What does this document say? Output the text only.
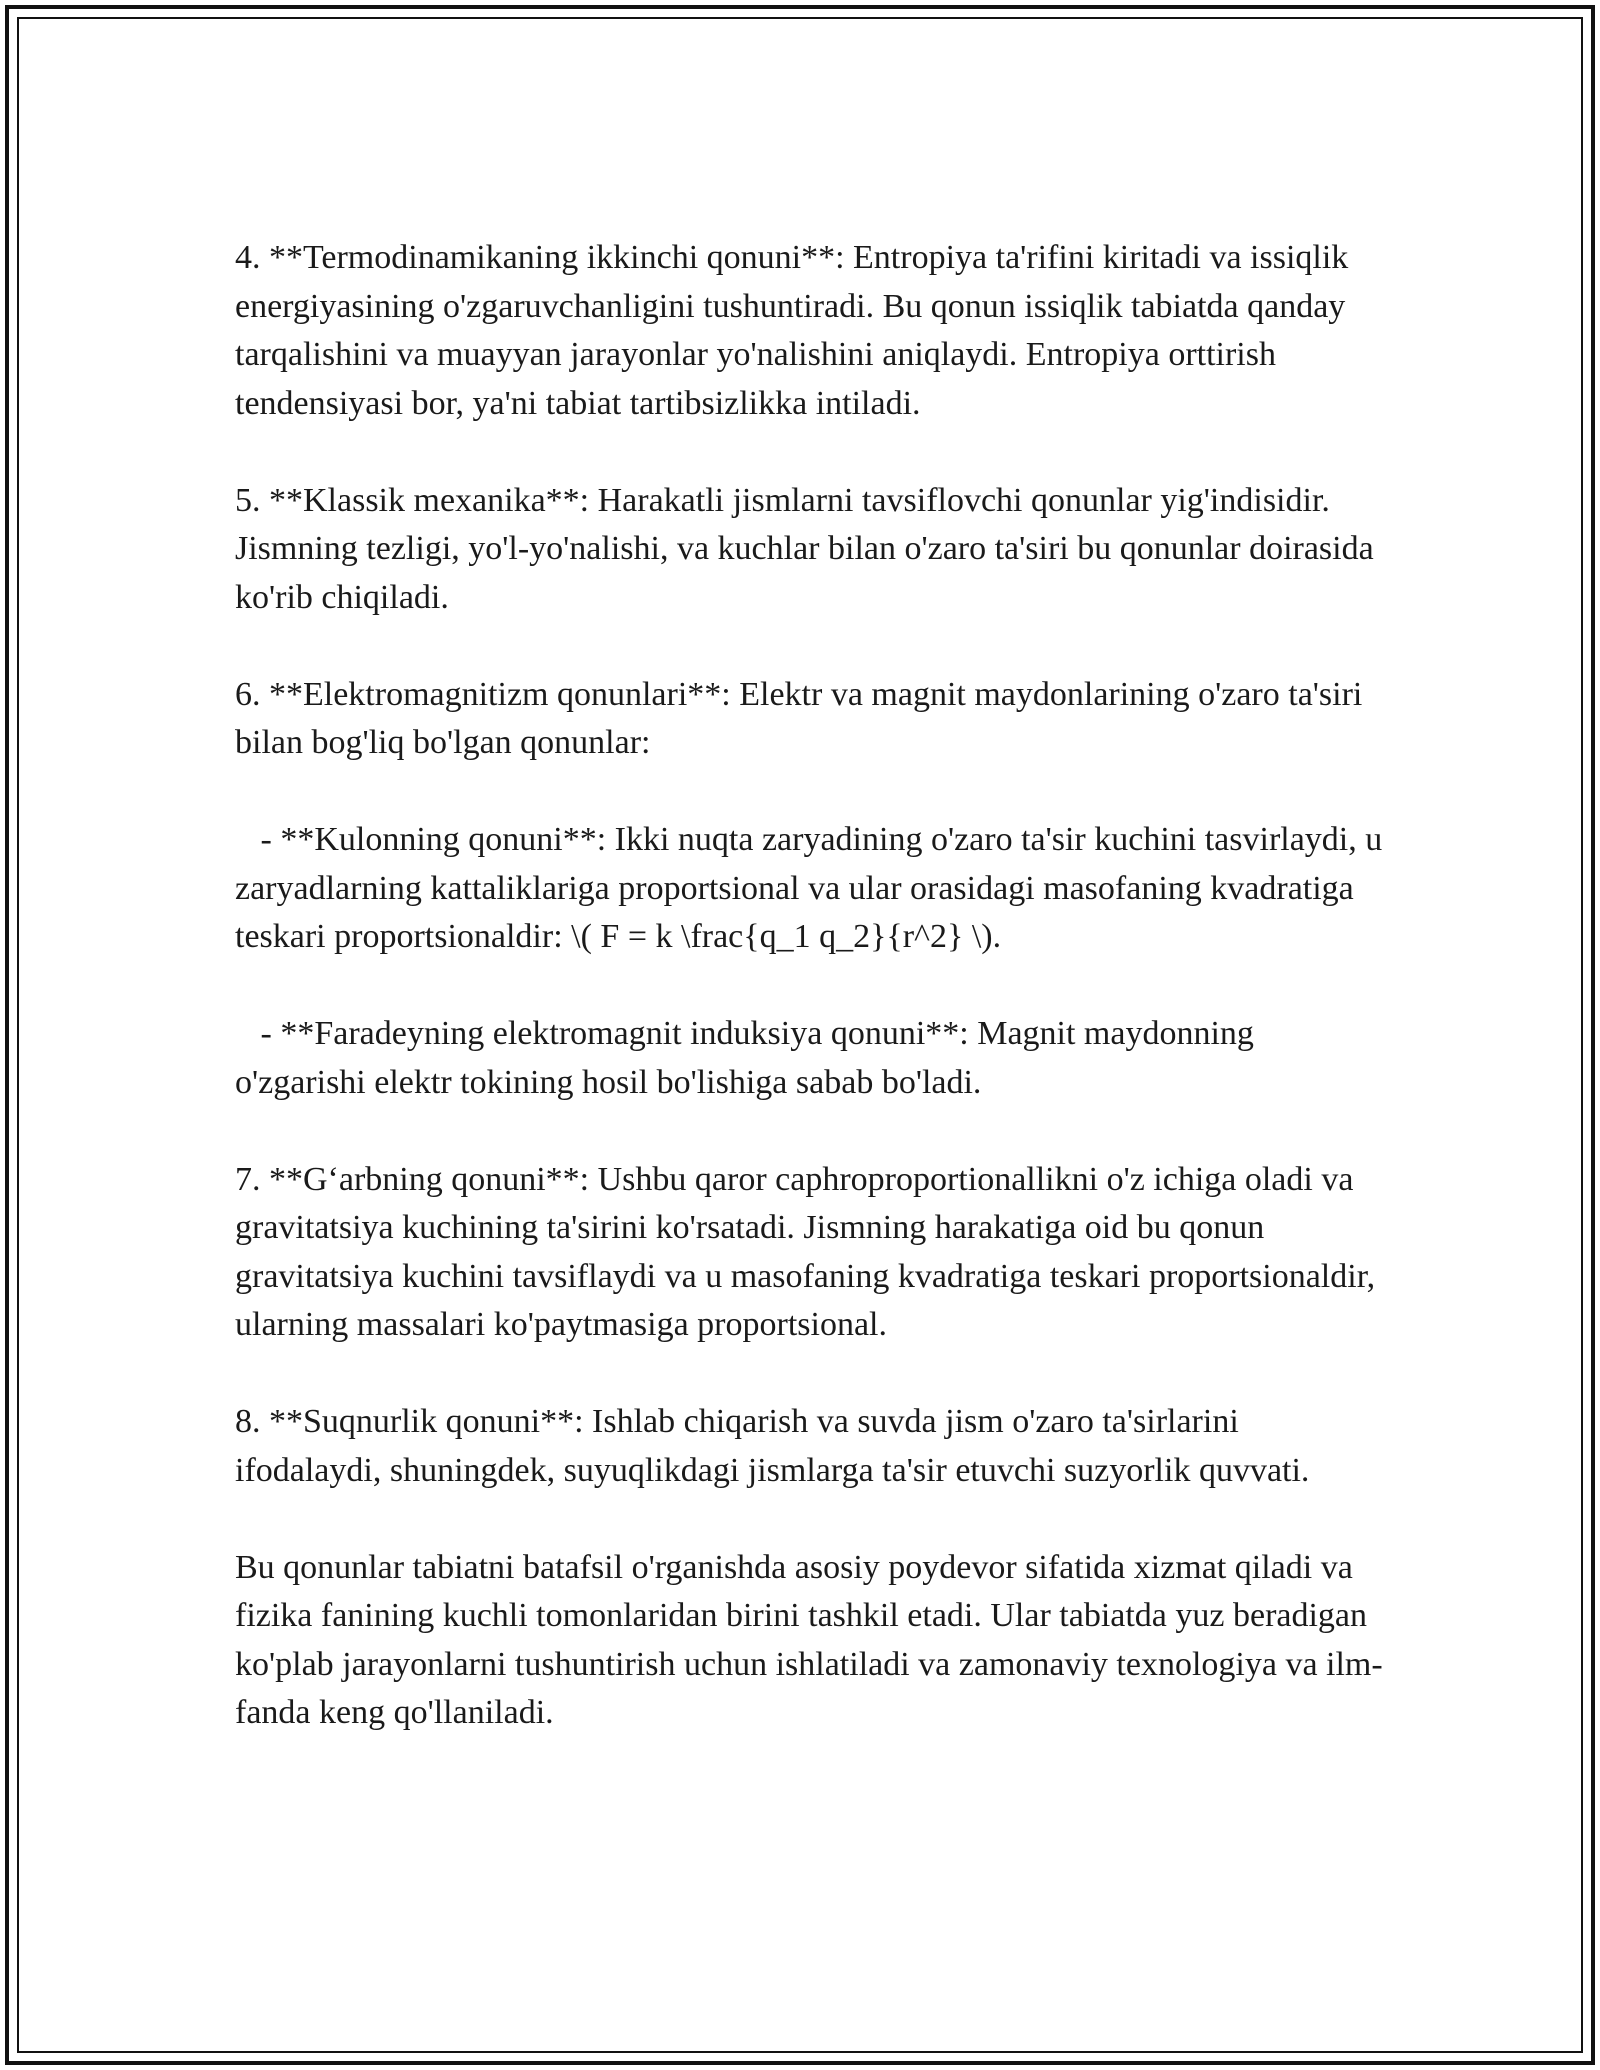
4. **Termodinamikaning ikkinchi qonuni**: Entropiya ta'rifini kiritadi va issiqlik energiyasining o'zgaruvchanligini tushuntiradi. Bu qonun issiqlik tabiatda qanday tarqalishini va muayyan jarayonlar yo'nalishini aniqlaydi. Entropiya orttirish tendensiyasi bor, ya'ni tabiat tartibsizlikka intiladi.

5. **Klassik mexanika**: Harakatli jismlarni tavsiflovchi qonunlar yig'indisidir. Jismning tezligi, yo'l-yo'nalishi, va kuchlar bilan o'zaro ta'siri bu qonunlar doirasida ko'rib chiqiladi.

6. **Elektromagnitizm qonunlari**: Elektr va magnit maydonlarining o'zaro ta'siri bilan bog'liq bo'lgan qonunlar:

- **Kulonning qonuni**: Ikki nuqta zaryadining o'zaro ta'sir kuchini tasvirlaydi, u zaryadlarning kattaliklariga proportsional va ular orasidagi masofaning kvadratiga teskari proportsionaldir: \( F = k \frac{q_1 q_2}{r^2} \).

- **Faradeyning elektromagnit induksiya qonuni**: Magnit maydonning o'zgarishi elektr tokining hosil bo'lishiga sabab bo'ladi.

7. **G‘arbning qonuni**: Ushbu qaror caphroproportionallikni o'z ichiga oladi va gravitatsiya kuchining ta'sirini ko'rsatadi. Jismning harakatiga oid bu qonun gravitatsiya kuchini tavsiflaydi va u masofaning kvadratiga teskari proportsionaldir, ularning massalari ko'paytmasiga proportsional.

8. **Suqnurlik qonuni**: Ishlab chiqarish va suvda jism o'zaro ta'sirlarini ifodalaydi, shuningdek, suyuqlikdagi jismlarga ta'sir etuvchi suzyorlik quvvati.

Bu qonunlar tabiatni batafsil o'rganishda asosiy poydevor sifatida xizmat qiladi va fizika fanining kuchli tomonlaridan birini tashkil etadi. Ular tabiatda yuz beradigan ko'plab jarayonlarni tushuntirish uchun ishlatiladi va zamonaviy texnologiya va ilm-fanda keng qo'llaniladi.
